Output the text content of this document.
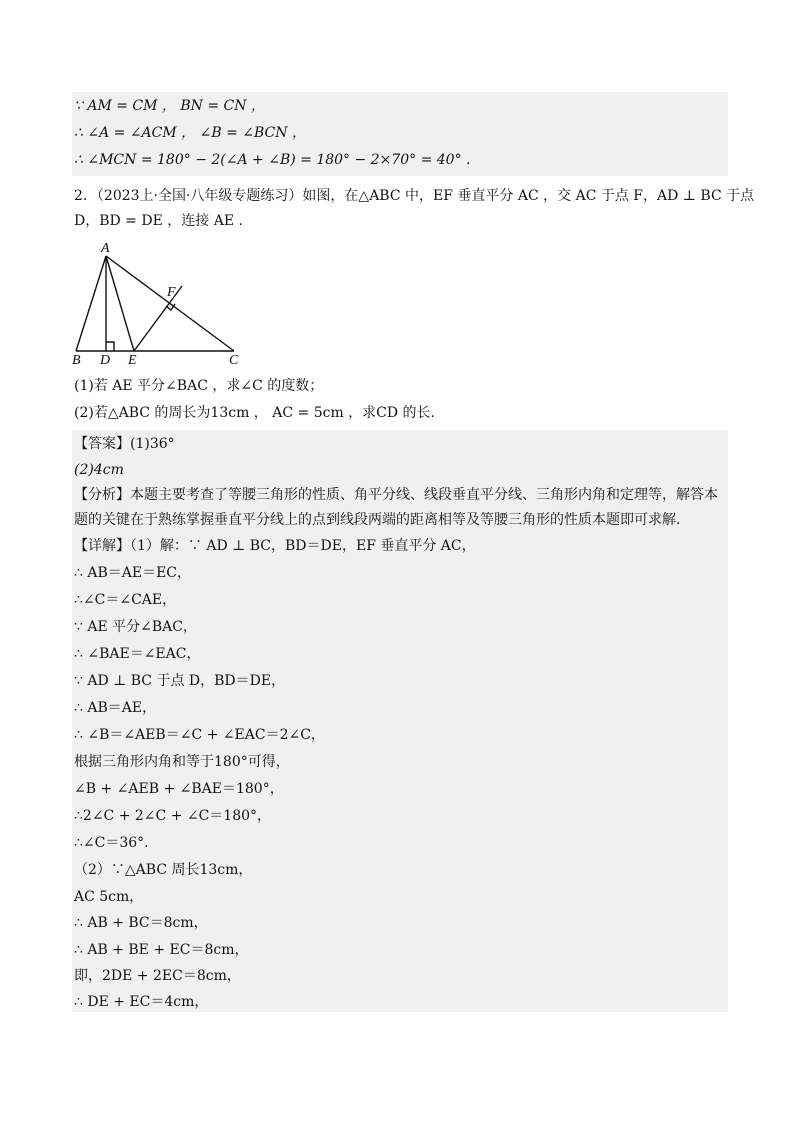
∵ AM = CM ， BN = CN ，
∴ ∠A = ∠ACM ， ∠B = ∠BCN ，
∴ ∠MCN = 180° − 2(∠A + ∠B) = 180° − 2×70° = 40° .
2．（2023上·全国·八年级专题练习）如图，在△ABC 中，EF 垂直平分 AC ，交 AC 于点 F，AD ⊥ BC 于点
D，BD = DE ，连接 AE .
A
F
B D E	C
(1)若 AE 平分∠BAC ，求∠C 的度数；
(2)若△ABC 的周长为13cm ， AC = 5cm ，求CD 的长.
【答案】(1)36°
(2)4cm
【分析】本题主要考查了等腰三角形的性质、角平分线、线段垂直平分线、三角形内角和定理等，解答本
题的关键在于熟练掌握垂直平分线上的点到线段两端的距离相等及等腰三角形的性质本题即可求解.
【详解】（1）解：∵ AD ⊥ BC，BD＝DE，EF 垂直平分 AC，
∴ AB＝AE＝EC，
∴∠C＝∠CAE，
∵ AE 平分∠BAC，
∴ ∠BAE＝∠EAC，
∵ AD ⊥ BC 于点 D，BD＝DE，
∴ AB＝AE，
∴ ∠B＝∠AEB＝∠C + ∠EAC＝2∠C，
根据三角形内角和等于180°可得，
∠B + ∠AEB + ∠BAE＝180°，
∴2∠C + 2∠C + ∠C＝180°，
∴∠C＝36°．
（2）∵△ABC 周长13cm，
AC 5cm，
∴ AB + BC＝8cm，
∴ AB + BE + EC＝8cm，
即，2DE + 2EC＝8cm，
∴ DE + EC＝4cm，
